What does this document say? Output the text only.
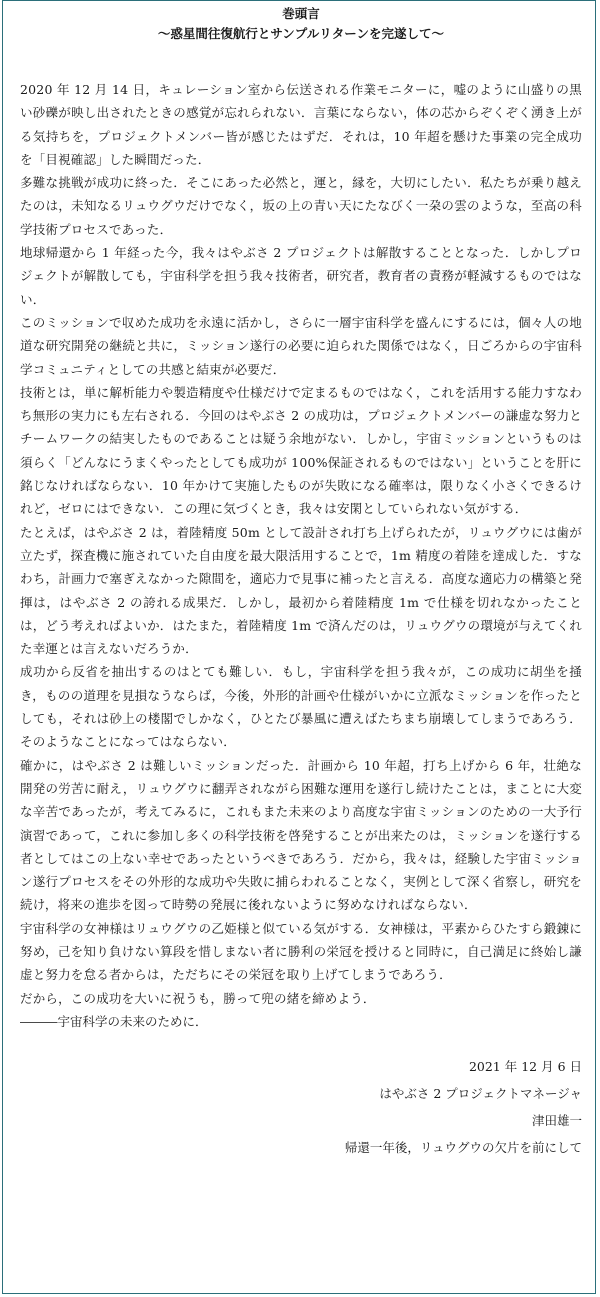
巻頭言
〜惑星間往復航行とサンプルリターンを完遂して〜

2020 年 12 月 14 日，キュレーション室から伝送される作業モニターに，嘘のように山盛りの黒い砂礫が映し出されたときの感覚が忘れられない．言葉にならない，体の芯からぞくぞく湧き上がる気持ちを，プロジェクトメンバー皆が感じたはずだ．それは，10 年超を懸けた事業の完全成功を「目視確認」した瞬間だった．

多難な挑戦が成功に終った．そこにあった必然と，運と，縁を，大切にしたい．私たちが乗り越えたのは，未知なるリュウグウだけでなく，坂の上の青い天にたなびく一朶の雲のような，至高の科学技術プロセスであった．

地球帰還から 1 年経った今，我々はやぶさ 2 プロジェクトは解散することとなった．しかしプロジェクトが解散しても，宇宙科学を担う我々技術者，研究者，教育者の責務が軽減するものではない．

このミッションで収めた成功を永遠に活かし，さらに一層宇宙科学を盛んにするには，個々人の地道な研究開発の継続と共に，ミッション遂行の必要に迫られた関係ではなく，日ごろからの宇宙科学コミュニティとしての共感と結束が必要だ．

技術とは，単に解析能力や製造精度や仕様だけで定まるものではなく，これを活用する能力すなわち無形の実力にも左右される．今回のはやぶさ 2 の成功は，プロジェクトメンバーの謙虚な努力とチームワークの結実したものであることは疑う余地がない．しかし，宇宙ミッションというものは須らく「どんなにうまくやったとしても成功が 100%保証されるものではない」ということを肝に銘じなければならない．10 年かけて実施したものが失敗になる確率は，限りなく小さくできるけれど，ゼロにはできない．この理に気づくとき，我々は安閑としていられない気がする．

たとえば，はやぶさ 2 は，着陸精度 50m として設計され打ち上げられたが，リュウグウには歯が立たず，探査機に施されていた自由度を最大限活用することで，1m 精度の着陸を達成した．すなわち，計画力で塞ぎえなかった隙間を，適応力で見事に補ったと言える．高度な適応力の構築と発揮は，はやぶさ 2 の誇れる成果だ．しかし，最初から着陸精度 1m で仕様を切れなかったことは，どう考えればよいか．はたまた，着陸精度 1m で済んだのは，リュウグウの環境が与えてくれた幸運とは言えないだろうか．

成功から反省を抽出するのはとても難しい．もし，宇宙科学を担う我々が，この成功に胡坐を掻き，ものの道理を見損なうならば，今後，外形的計画や仕様がいかに立派なミッションを作ったとしても，それは砂上の楼閣でしかなく，ひとたび暴風に遭えばたちまち崩壊してしまうであろう．そのようなことになってはならない．

確かに，はやぶさ 2 は難しいミッションだった．計画から 10 年超，打ち上げから 6 年，壮絶な開発の労苦に耐え，リュウグウに翻弄されながら困難な運用を遂行し続けたことは，まことに大変な辛苦であったが，考えてみるに，これもまた未来のより高度な宇宙ミッションのための一大予行演習であって，これに参加し多くの科学技術を啓発することが出来たのは，ミッションを遂行する者としてはこの上ない幸せであったというべきであろう．だから，我々は，経験した宇宙ミッション遂行プロセスをその外形的な成功や失敗に捕らわれることなく，実例として深く省察し，研究を続け，将来の進歩を図って時勢の発展に後れないように努めなければならない．

宇宙科学の女神様はリュウグウの乙姫様と似ている気がする．女神様は，平素からひたすら鍛錬に努め，己を知り負けない算段を惜しまない者に勝利の栄冠を授けると同時に，自己満足に終始し謙虚と努力を怠る者からは，ただちにその栄冠を取り上げてしまうであろう．

だから，この成功を大いに祝うも，勝って兜の緒を締めよう．

―――宇宙科学の未来のために．
2021 年 12 月 6 日
はやぶさ 2 プロジェクトマネージャ
津田雄一
帰還一年後，リュウグウの欠片を前にして
